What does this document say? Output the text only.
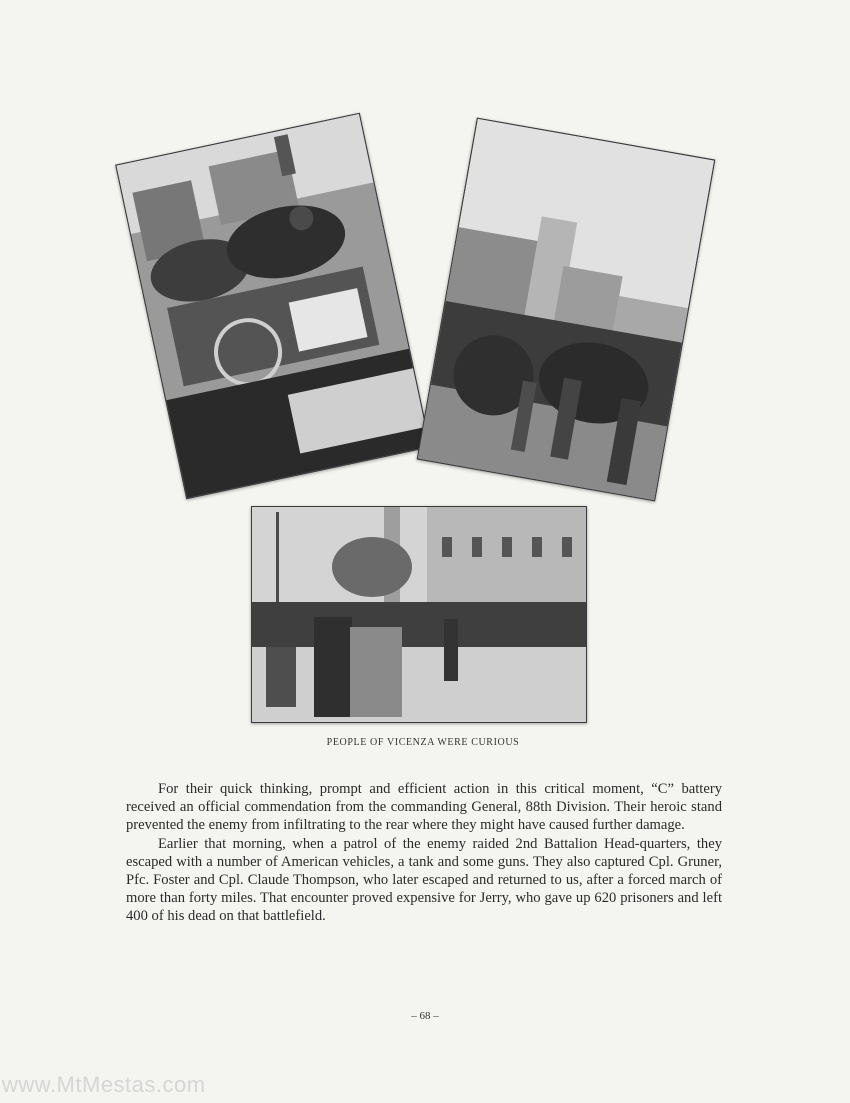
PEOPLE OF VICENZA WERE CURIOUS

For their quick thinking, prompt and efficient action in this critical moment, “C” battery received an official commendation from the commanding General, 88th Division. Their heroic stand prevented the enemy from infiltrating to the rear where they might have caused further damage.

Earlier that morning, when a patrol of the enemy raided 2nd Battalion Head-quarters, they escaped with a number of American vehicles, a tank and some guns. They also captured Cpl. Gruner, Pfc. Foster and Cpl. Claude Thompson, who later escaped and returned to us, after a forced march of more than forty miles. That encounter proved expensive for Jerry, who gave up 620 prisoners and left 400 of his dead on that battlefield.

– 68 –
www.MtMestas.com
